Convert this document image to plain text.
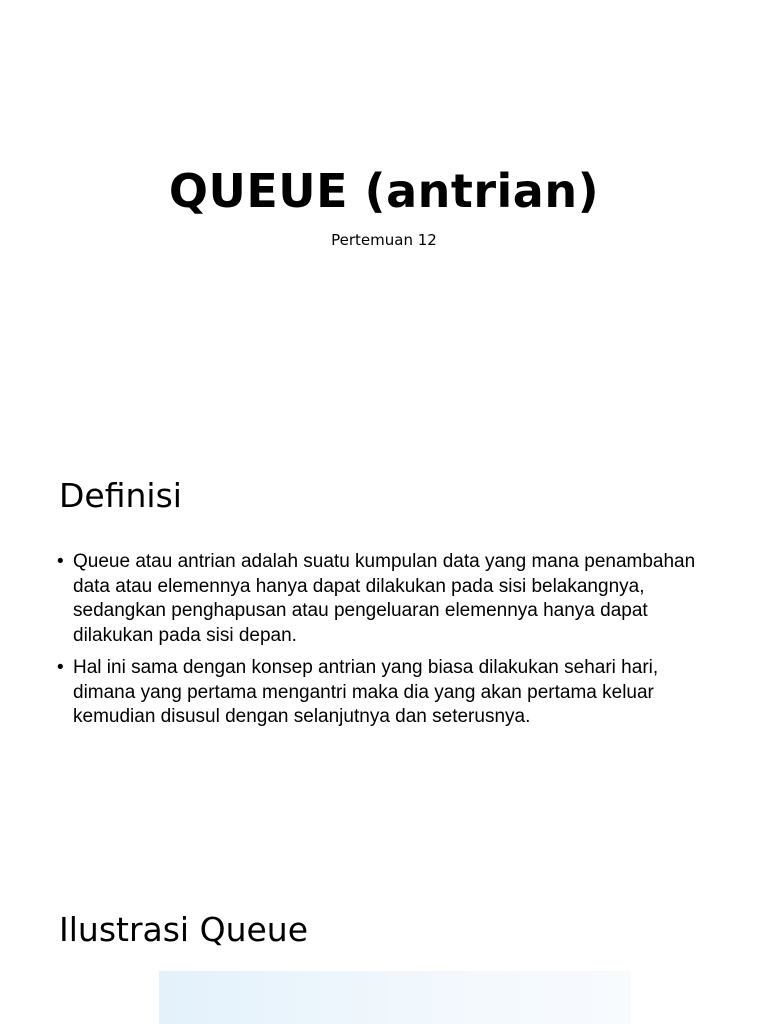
QUEUE (antrian)

Pertemuan 12

Definisi
• Queue atau antrian adalah suatu kumpulan data yang mana penambahan data atau elemennya hanya dapat dilakukan pada sisi belakangnya, sedangkan penghapusan atau pengeluaran elemennya hanya dapat dilakukan pada sisi depan.
• Hal ini sama dengan konsep antrian yang biasa dilakukan sehari hari, dimana yang pertama mengantri maka dia yang akan pertama keluar kemudian disusul dengan selanjutnya dan seterusnya.
Ilustrasi Queue
